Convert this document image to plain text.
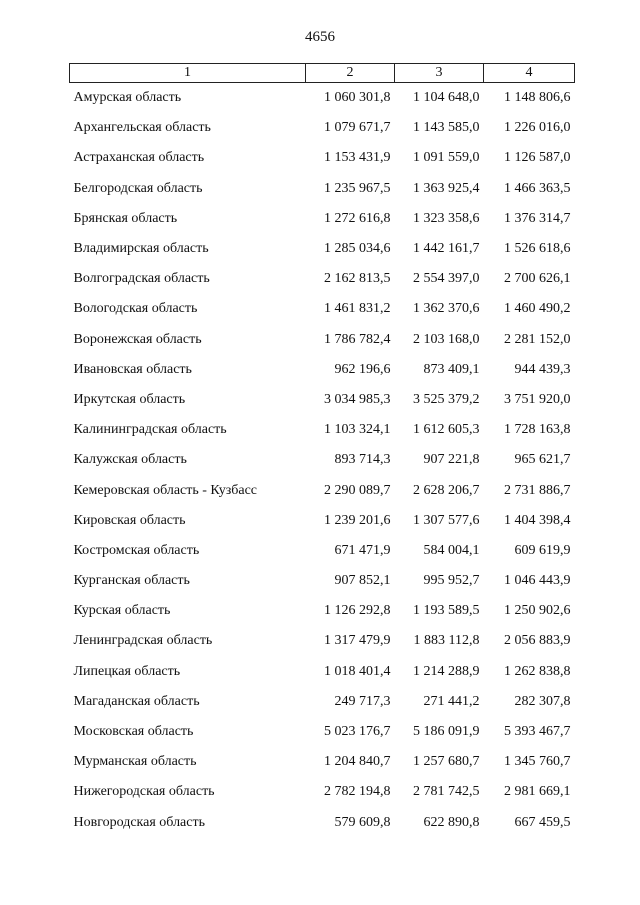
4656
1	2	3	4
Амурская область	1 060 301,8	1 104 648,0	1 148 806,6
Архангельская область	1 079 671,7	1 143 585,0	1 226 016,0
Астраханская область	1 153 431,9	1 091 559,0	1 126 587,0
Белгородская область	1 235 967,5	1 363 925,4	1 466 363,5
Брянская область	1 272 616,8	1 323 358,6	1 376 314,7
Владимирская область	1 285 034,6	1 442 161,7	1 526 618,6
Волгоградская область	2 162 813,5	2 554 397,0	2 700 626,1
Вологодская область	1 461 831,2	1 362 370,6	1 460 490,2
Воронежская область	1 786 782,4	2 103 168,0	2 281 152,0
Ивановская область	962 196,6	873 409,1	944 439,3
Иркутская область	3 034 985,3	3 525 379,2	3 751 920,0
Калининградская область	1 103 324,1	1 612 605,3	1 728 163,8
Калужская область	893 714,3	907 221,8	965 621,7
Кемеровская область - Кузбасс	2 290 089,7	2 628 206,7	2 731 886,7
Кировская область	1 239 201,6	1 307 577,6	1 404 398,4
Костромская область	671 471,9	584 004,1	609 619,9
Курганская область	907 852,1	995 952,7	1 046 443,9
Курская область	1 126 292,8	1 193 589,5	1 250 902,6
Ленинградская область	1 317 479,9	1 883 112,8	2 056 883,9
Липецкая область	1 018 401,4	1 214 288,9	1 262 838,8
Магаданская область	249 717,3	271 441,2	282 307,8
Московская область	5 023 176,7	5 186 091,9	5 393 467,7
Мурманская область	1 204 840,7	1 257 680,7	1 345 760,7
Нижегородская область	2 782 194,8	2 781 742,5	2 981 669,1
Новгородская область	579 609,8	622 890,8	667 459,5
